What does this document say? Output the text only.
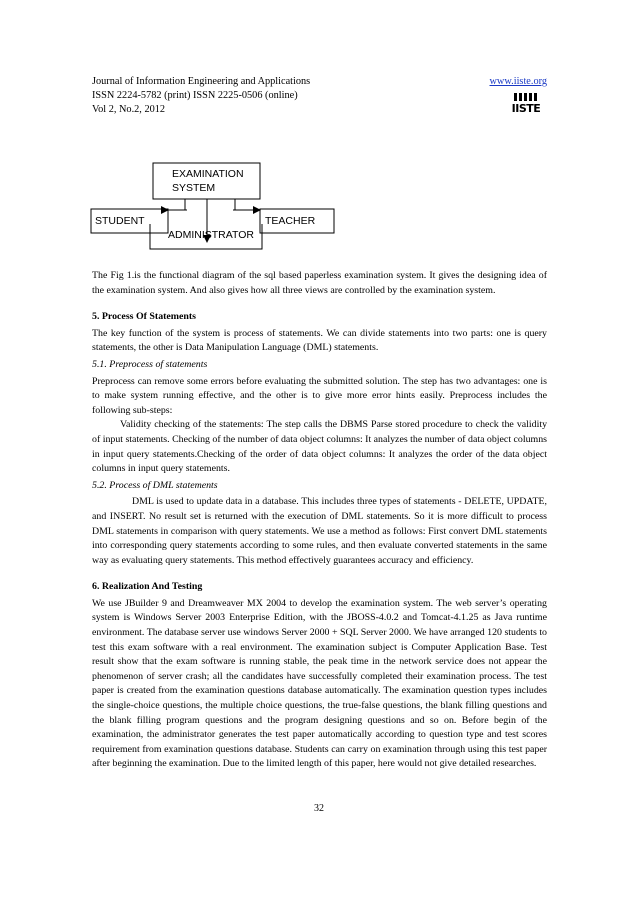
Journal of Information Engineering and Applications
ISSN 2224-5782 (print) ISSN 2225-0506 (online)
Vol 2, No.2, 2012
www.iiste.org
IISTE
EXAMINATION
SYSTEM
STUDENT	TEACHER
ADMINISTRATOR

The Fig 1.is the functional diagram of the sql based paperless examination system. It gives the designing idea of the examination system. And also gives how all three views are controlled by the examination system.

5. Process Of Statements

The key function of the system is process of statements. We can divide statements into two parts: one is query statements, the other is Data Manipulation Language (DML) statements.

5.1. Preprocess of statements

Preprocess can remove some errors before evaluating the submitted solution. The step has two advantages: one is to make system running effective, and the other is to give more error hints easily. Preprocess includes the following sub-steps:

Validity checking of the statements: The step calls the DBMS Parse stored procedure to check the validity of input statements. Checking of the number of data object columns: It analyzes the number of data object columns in input query statements.Checking of the order of data object columns: It analyzes the order of the data object columns in input query statements.

5.2. Process of DML statements

DML is used to update data in a database. This includes three types of statements - DELETE, UPDATE, and INSERT. No result set is returned with the execution of DML statements. So it is more difficult to process DML statements in comparison with query statements. We use a method as follows: First convert DML statements into corresponding query statements according to some rules, and then evaluate converted statements in the same way as evaluating query statements. This method effectively guarantees accuracy and efficiency.

6. Realization And Testing

We use JBuilder 9 and Dreamweaver MX 2004 to develop the examination system. The web server’s operating system is Windows Server 2003 Enterprise Edition, with the JBOSS-4.0.2 and Tomcat-4.1.25 as Java runtime environment. The database server use windows Server 2000 + SQL Server 2000. We have arranged 120 students to test this exam software with a real environment. The examination subject is Computer Application Base. Test result show that the exam software is running stable, the peak time in the network service does not appear the phenomenon of server crash; all the candidates have successfully completed their examination process. The test paper is created from the examination questions database automatically. The examination question types includes the single-choice questions, the multiple choice questions, the true-false questions, the blank filling questions and the blank filling program questions and the program designing questions and so on. Before begin of the examination, the administrator generates the test paper automatically according to question type and test scores requirement from examination questions database. Students can carry on examination through using this test paper after beginning the examination. Due to the limited length of this paper, here would not give detailed researches.

32
